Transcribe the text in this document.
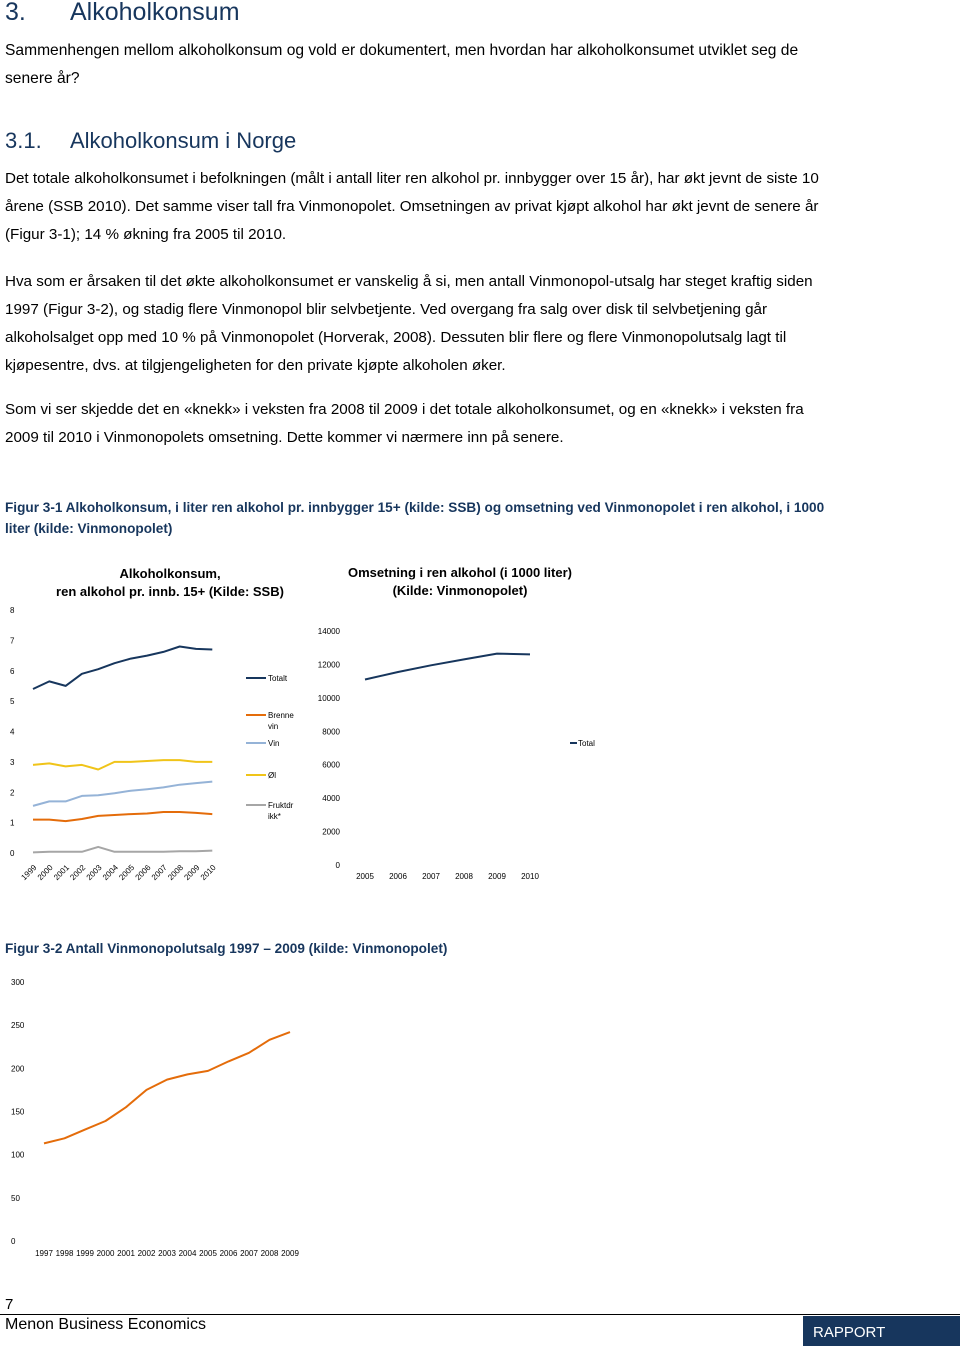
3. Alkoholkonsum
Sammenhengen mellom alkoholkonsum og vold er dokumentert, men hvordan har alkoholkonsumet utviklet seg de senere år?
3.1. Alkoholkonsum i Norge
Det totale alkoholkonsumet i befolkningen (målt i antall liter ren alkohol pr. innbygger over 15 år), har økt jevnt de siste 10 årene (SSB 2010). Det samme viser tall fra Vinmonopolet. Omsetningen av privat kjøpt alkohol har økt jevnt de senere år (Figur 3-1); 14 % økning fra 2005 til 2010.
Hva som er årsaken til det økte alkoholkonsumet er vanskelig å si, men antall Vinmonopol-utsalg har steget kraftig siden 1997 (Figur 3-2), og stadig flere Vinmonopol blir selvbetjente. Ved overgang fra salg over disk til selvbetjening går alkoholsalget opp med 10 % på Vinmonopolet (Horverak, 2008). Dessuten blir flere og flere Vinmonopolutsalg lagt til kjøpesentre, dvs. at tilgjengeligheten for den private kjøpte alkoholen øker.
Som vi ser skjedde det en «knekk» i veksten fra 2008 til 2009 i det totale alkoholkonsumet, og en «knekk» i veksten fra 2009 til 2010 i Vinmonopolets omsetning. Dette kommer vi nærmere inn på senere.
Figur 3-1 Alkoholkonsum, i liter ren alkohol pr. innbygger 15+ (kilde: SSB) og omsetning ved Vinmonopolet i ren alkohol, i 1000 liter (kilde: Vinmonopolet)
Alkoholkonsum,
ren alkohol pr. innb. 15+ (Kilde: SSB)
Omsetning i ren alkohol (i 1000 liter)
(Kilde: Vinmonopolet)
0
1
2
3
4
5
6
7
8
1999
2000
2001
2002
2003
2004
2005
2006
2007
2008
2009
2010
Totalt
Brenne
vin
Vin
Øl
Fruktdr
ikk*
0
2000
4000
6000
8000
10000
12000
14000
2005 2006 2007 2008 2009 2010
Total
Figur 3-2 Antall Vinmonopolutsalg 1997 – 2009 (kilde: Vinmonopolet)
0
50
100
150
200
250
300
1997 1998 1999 2000 2001 2002 2003 2004 2005 2006 2007 2008 2009
7
Menon Business Economics	RAPPORT
